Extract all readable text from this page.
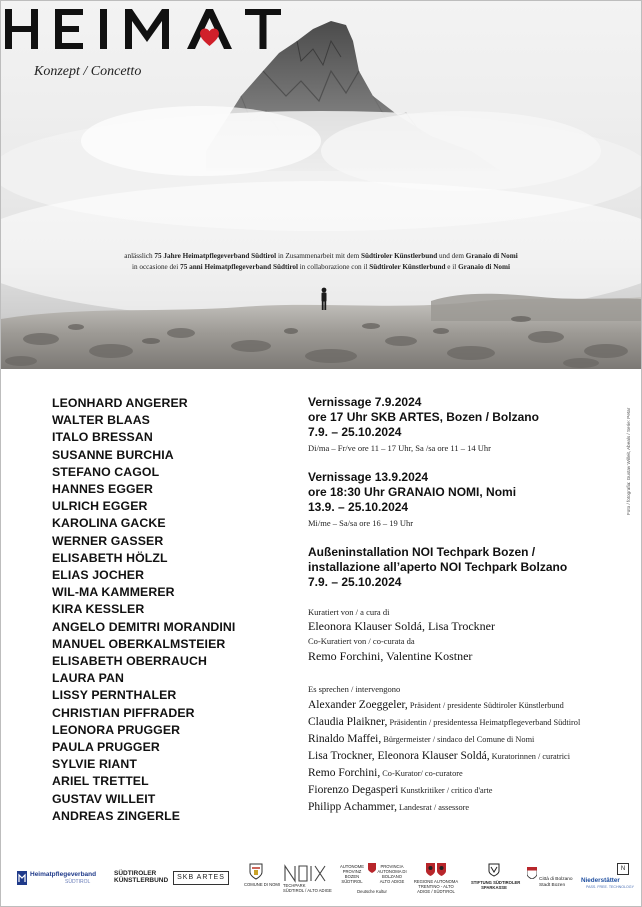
Konzept / Concetto
anlässlich 75 Jahre Heimatpflegeverband Südtirol in Zusammenarbeit mit dem Südtiroler Künstlerbund und dem Granaio di Nomi
in occasione dei 75 anni Heimatpflegeverband Südtirol in collaborazione con il Südtiroler Künstlerbund e il Granaio di Nomi
LEONHARD ANGERER
WALTER BLAAS
ITALO BRESSAN
SUSANNE BURCHIA
STEFANO CAGOL
HANNES EGGER
ULRICH EGGER
KAROLINA GACKE
WERNER GASSER
ELISABETH HÖLZL
ELIAS JOCHER
WIL-MA KAMMERER
KIRA KESSLER
ANGELO DEMITRI MORANDINI
MANUEL OBERKALMSTEIER
ELISABETH OBERRAUCH
LAURA PAN
LISSY PERNTHALER
CHRISTIAN PIFFRADER
LEONORA PRUGGER
PAULA PRUGGER
SYLVIE RIANT
ARIEL TRETTEL
GUSTAV WILLEIT
ANDREAS ZINGERLE
Vernissage 7.9.2024
ore 17 Uhr SKB ARTES, Bozen / Bolzano
7.9. – 25.10.2024
Di/ma – Fr/ve ore 11 – 17 Uhr, Sa /sa ore 11 – 14 Uhr
Vernissage 13.9.2024
ore 18:30 Uhr GRANAIO NOMI, Nomi
13.9. – 25.10.2024
Mi/me – Sa/sa ore 16 – 19 Uhr
Außeninstallation NOI Techpark Bozen /
installazione all’aperto NOI Techpark Bolzano
7.9. – 25.10.2024
Kuratiert von / a cura di
Eleonora Klauser Soldá, Lisa Trockner
Co-Kuratiert von / co-curata da
Remo Forchini, Valentine Kostner
Es sprechen / intervengono
Alexander Zoeggeler, Präsident / presidente Südtiroler Künstlerbund
Claudia Plaikner, Präsidentin / presidentessa Heimatpflegeverband Südtirol
Rinaldo Maffei, Bürgermeister / sindaco del Comune di Nomi
Lisa Trockner, Eleonora Klauser Soldá, Kuratorinnen / curatrici
Remo Forchini, Co-Kurator/ co-curatore
Fiorenzo Degasperi Kunstkritiker / critico d'arte
Philipp Achammer, Landesrat / assessore
Foto / fotografia: Gustav Willeit, Abeals / Serie: Petar
Heimatpflegeverband
SÜDTIROL
SÜDTIROLER
KÜNSTLERBUND	SKB ARTES
COMUNE DI NOMI TECHPARK
SÜDTIROL / ALTO ADIGE
AUTONOME PROVINZ BOZEN SÜDTIROL
PROVINCIA AUTONOMA DI BOLZANO ALTO ADIGE
Deutsche Kultur
REGIONE AUTONOMA TRENTINO - ALTO ADIGE / SÜDTIROL
STIFTUNG SÜDTIROLER
SPARKASSE
Città di Bolzano
Stadt Bozen
N
Niederstätter
PASS. FREE. TECHNOLOGY
